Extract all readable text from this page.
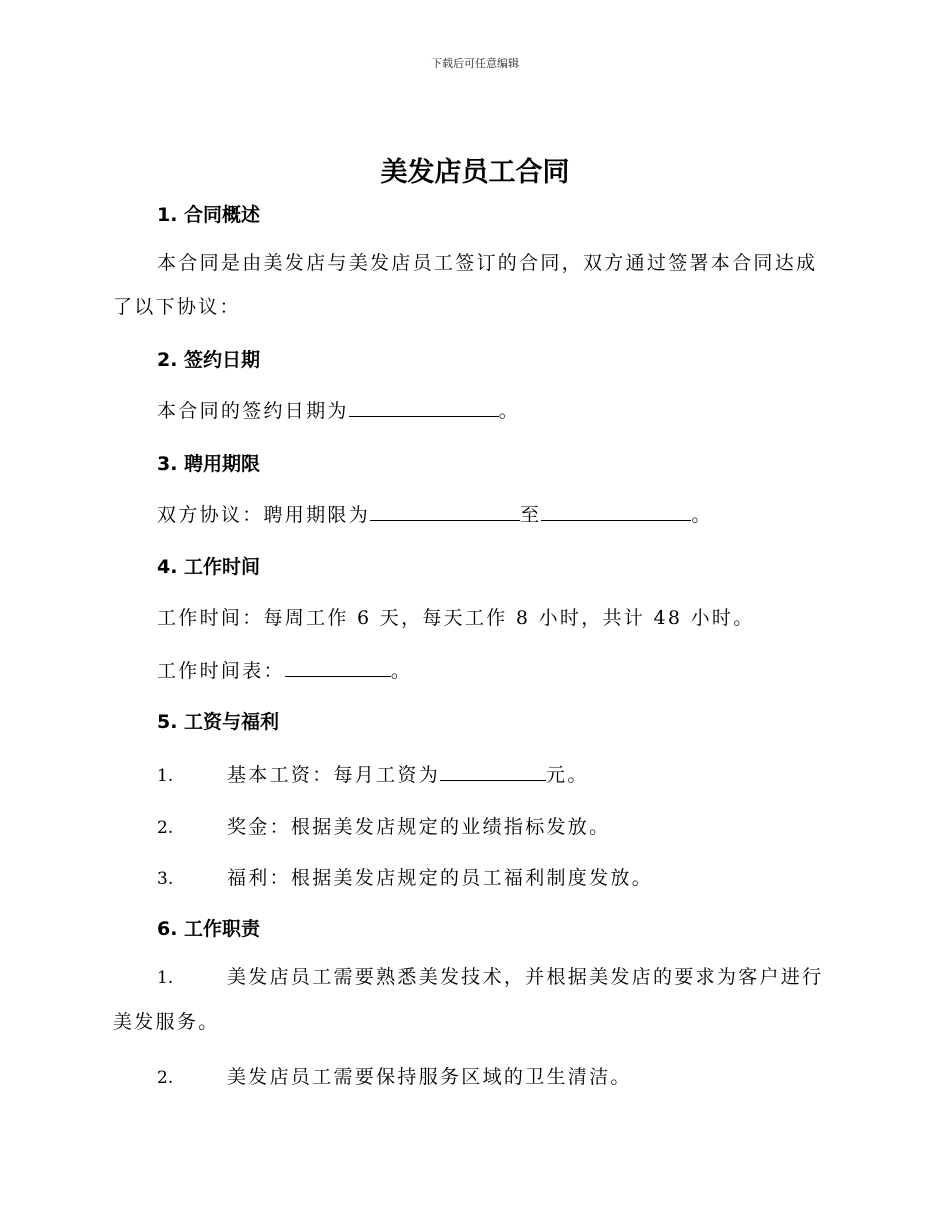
下载后可任意编辑
美发店员工合同
1. 合同概述
本合同是由美发店与美发店员工签订的合同，双方通过签署本合同达成了以下协议：
2. 签约日期
本合同的签约日期为	。
3. 聘用期限
双方协议：聘用期限为	至	。
4. 工作时间
工作时间：每周工作 6 天，每天工作 8 小时，共计 48 小时。
工作时间表：	。
5. 工资与福利
1.	基本工资：每月工资为	元。
2.	奖金：根据美发店规定的业绩指标发放。
3.	福利：根据美发店规定的员工福利制度发放。
6. 工作职责
1.	美发店员工需要熟悉美发技术，并根据美发店的要求为客户进行美发服务。
2.	美发店员工需要保持服务区域的卫生清洁。
